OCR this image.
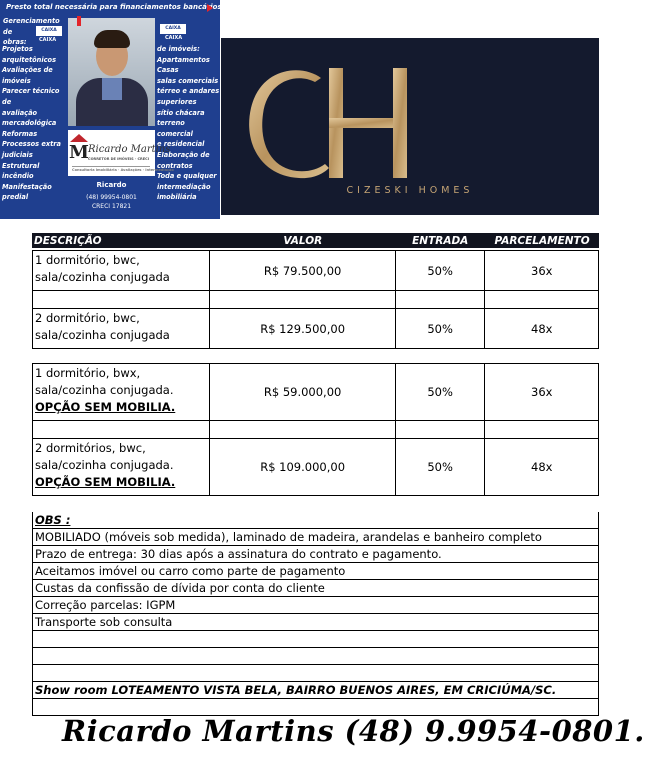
Presto total necessária para financiamentos bancários.
Gerenciamento de
obras:
CAIXA
CAIXA
CAIXA
CAIXA
Projetos
arquitetônicos
Avaliações de
imóveis
Parecer técnico de
avaliação
mercadológica
Reformas
Processos extra
judiciais
Estrutural
incêndio
Manifestação predial
de imóveis:
Apartamentos
Casas
salas comerciais
térreo e andares
superiores
sítio chácara
terreno comercial
e residencial
Elaboração de
contratos
Toda e qualquer
intermediação
imobiliária
M Ricardo Martins
CORRETOR DE IMÓVEIS · CRECI
Consultoria imobiliária · Avaliações · Intermediação
Ricardo
(48) 99954-0801
CRECI 17821
CIZESKI HOMES
DESCRIÇÃO	VALOR	ENTRADA	PARCELAMENTO
1 dormitório, bwc,
sala/cozinha conjugada	R$ 79.500,00	50%	36x

2 dormitório, bwc,
sala/cozinha conjugada	R$ 129.500,00	50%	48x
1 dormitório, bwx,
sala/cozinha conjugada.
OPÇÃO SEM MOBILIA.	R$ 59.000,00	50%	36x

2 dormitórios, bwc,
sala/cozinha conjugada.
OPÇÃO SEM MOBILIA.	R$ 109.000,00	50%	48x
OBS :
MOBILIADO (móveis sob medida), laminado de madeira, arandelas e banheiro completo
Prazo de entrega: 30 dias após a assinatura do contrato e pagamento.
Aceitamos imóvel ou carro como parte de pagamento
Custas da confissão de dívida por conta do cliente
Correção parcelas: IGPM
Transporte sob consulta

Show room LOTEAMENTO VISTA BELA, BAIRRO BUENOS AIRES, EM CRICIÚMA/SC.

Ricardo Martins (48) 9.9954-0801.
